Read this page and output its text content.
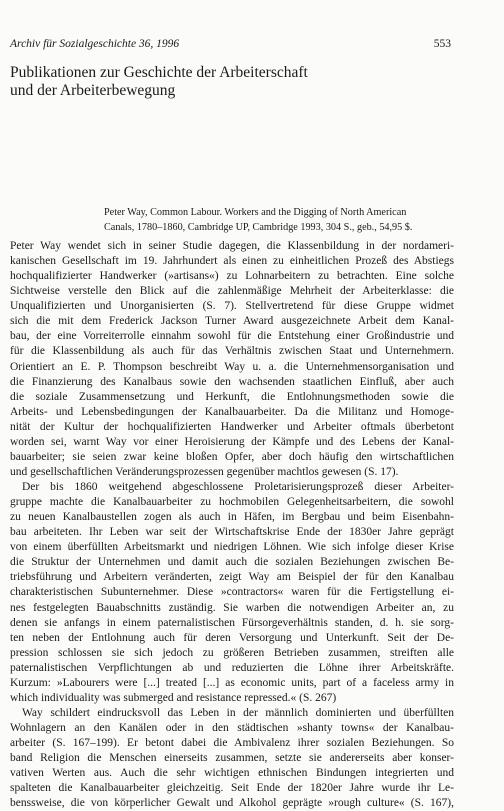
Archiv für Sozialgeschichte 36, 1996	553
Publikationen zur Geschichte der Arbeiterschaft
und der Arbeiterbewegung
Peter Way, Common Labour. Workers and the Digging of North American
Canals, 1780–1860, Cambridge UP, Cambridge 1993, 304 S., geb., 54,95 $.
Peter Way wendet sich in seiner Studie dagegen, die Klassenbildung in der nordameri-
kanischen Gesellschaft im 19. Jahrhundert als einen zu einheitlichen Prozeß des Abstiegs
hochqualifizierter Handwerker (»artisans«) zu Lohnarbeitern zu betrachten. Eine solche
Sichtweise verstelle den Blick auf die zahlenmäßige Mehrheit der Arbeiterklasse: die
Unqualifizierten und Unorganisierten (S. 7). Stellvertretend für diese Gruppe widmet
sich die mit dem Frederick Jackson Turner Award ausgezeichnete Arbeit dem Kanal-
bau, der eine Vorreiterrolle einnahm sowohl für die Entstehung einer Großindustrie und
für die Klassenbildung als auch für das Verhältnis zwischen Staat und Unternehmern.
Orientiert an E. P. Thompson beschreibt Way u. a. die Unternehmensorganisation und
die Finanzierung des Kanalbaus sowie den wachsenden staatlichen Einfluß, aber auch
die soziale Zusammensetzung und Herkunft, die Entlohnungsmethoden sowie die
Arbeits- und Lebensbedingungen der Kanalbauarbeiter. Da die Militanz und Homoge-
nität der Kultur der hochqualifizierten Handwerker und Arbeiter oftmals überbetont
worden sei, warnt Way vor einer Heroisierung der Kämpfe und des Lebens der Kanal-
bauarbeiter; sie seien zwar keine bloßen Opfer, aber doch häufig den wirtschaftlichen
und gesellschaftlichen Veränderungsprozessen gegenüber machtlos gewesen (S. 17).
Der bis 1860 weitgehend abgeschlossene Proletarisierungsprozeß dieser Arbeiter-
gruppe machte die Kanalbauarbeiter zu hochmobilen Gelegenheitsarbeitern, die sowohl
zu neuen Kanalbaustellen zogen als auch in Häfen, im Bergbau und beim Eisenbahn-
bau arbeiteten. Ihr Leben war seit der Wirtschaftskrise Ende der 1830er Jahre geprägt
von einem überfüllten Arbeitsmarkt und niedrigen Löhnen. Wie sich infolge dieser Krise
die Struktur der Unternehmen und damit auch die sozialen Beziehungen zwischen Be-
triebsführung und Arbeitern veränderten, zeigt Way am Beispiel der für den Kanalbau
charakteristischen Subunternehmer. Diese »contractors« waren für die Fertigstellung ei-
nes festgelegten Bauabschnitts zuständig. Sie warben die notwendigen Arbeiter an, zu
denen sie anfangs in einem paternalistischen Fürsorgeverhältnis standen, d. h. sie sorg-
ten neben der Entlohnung auch für deren Versorgung und Unterkunft. Seit der De-
pression schlossen sie sich jedoch zu größeren Betrieben zusammen, streiften alle
paternalistischen Verpflichtungen ab und reduzierten die Löhne ihrer Arbeitskräfte.
Kurzum: »Labourers were [...] treated [...] as economic units, part of a faceless army in
which individuality was submerged and resistance repressed.« (S. 267)
Way schildert eindrucksvoll das Leben in der männlich dominierten und überfüllten
Wohnlagern an den Kanälen oder in den städtischen »shanty towns« der Kanalbau-
arbeiter (S. 167–199). Er betont dabei die Ambivalenz ihrer sozialen Beziehungen. So
band Religion die Menschen einerseits zusammen, setzte sie andererseits aber konser-
vativen Werten aus. Auch die sehr wichtigen ethnischen Bindungen integrierten und
spalteten die Kanalbauarbeiter gleichzeitig. Seit Ende der 1820er Jahre wurde ihr Le-
benssweise, die von körperlicher Gewalt und Alkohol geprägte »rough culture« (S. 167),
